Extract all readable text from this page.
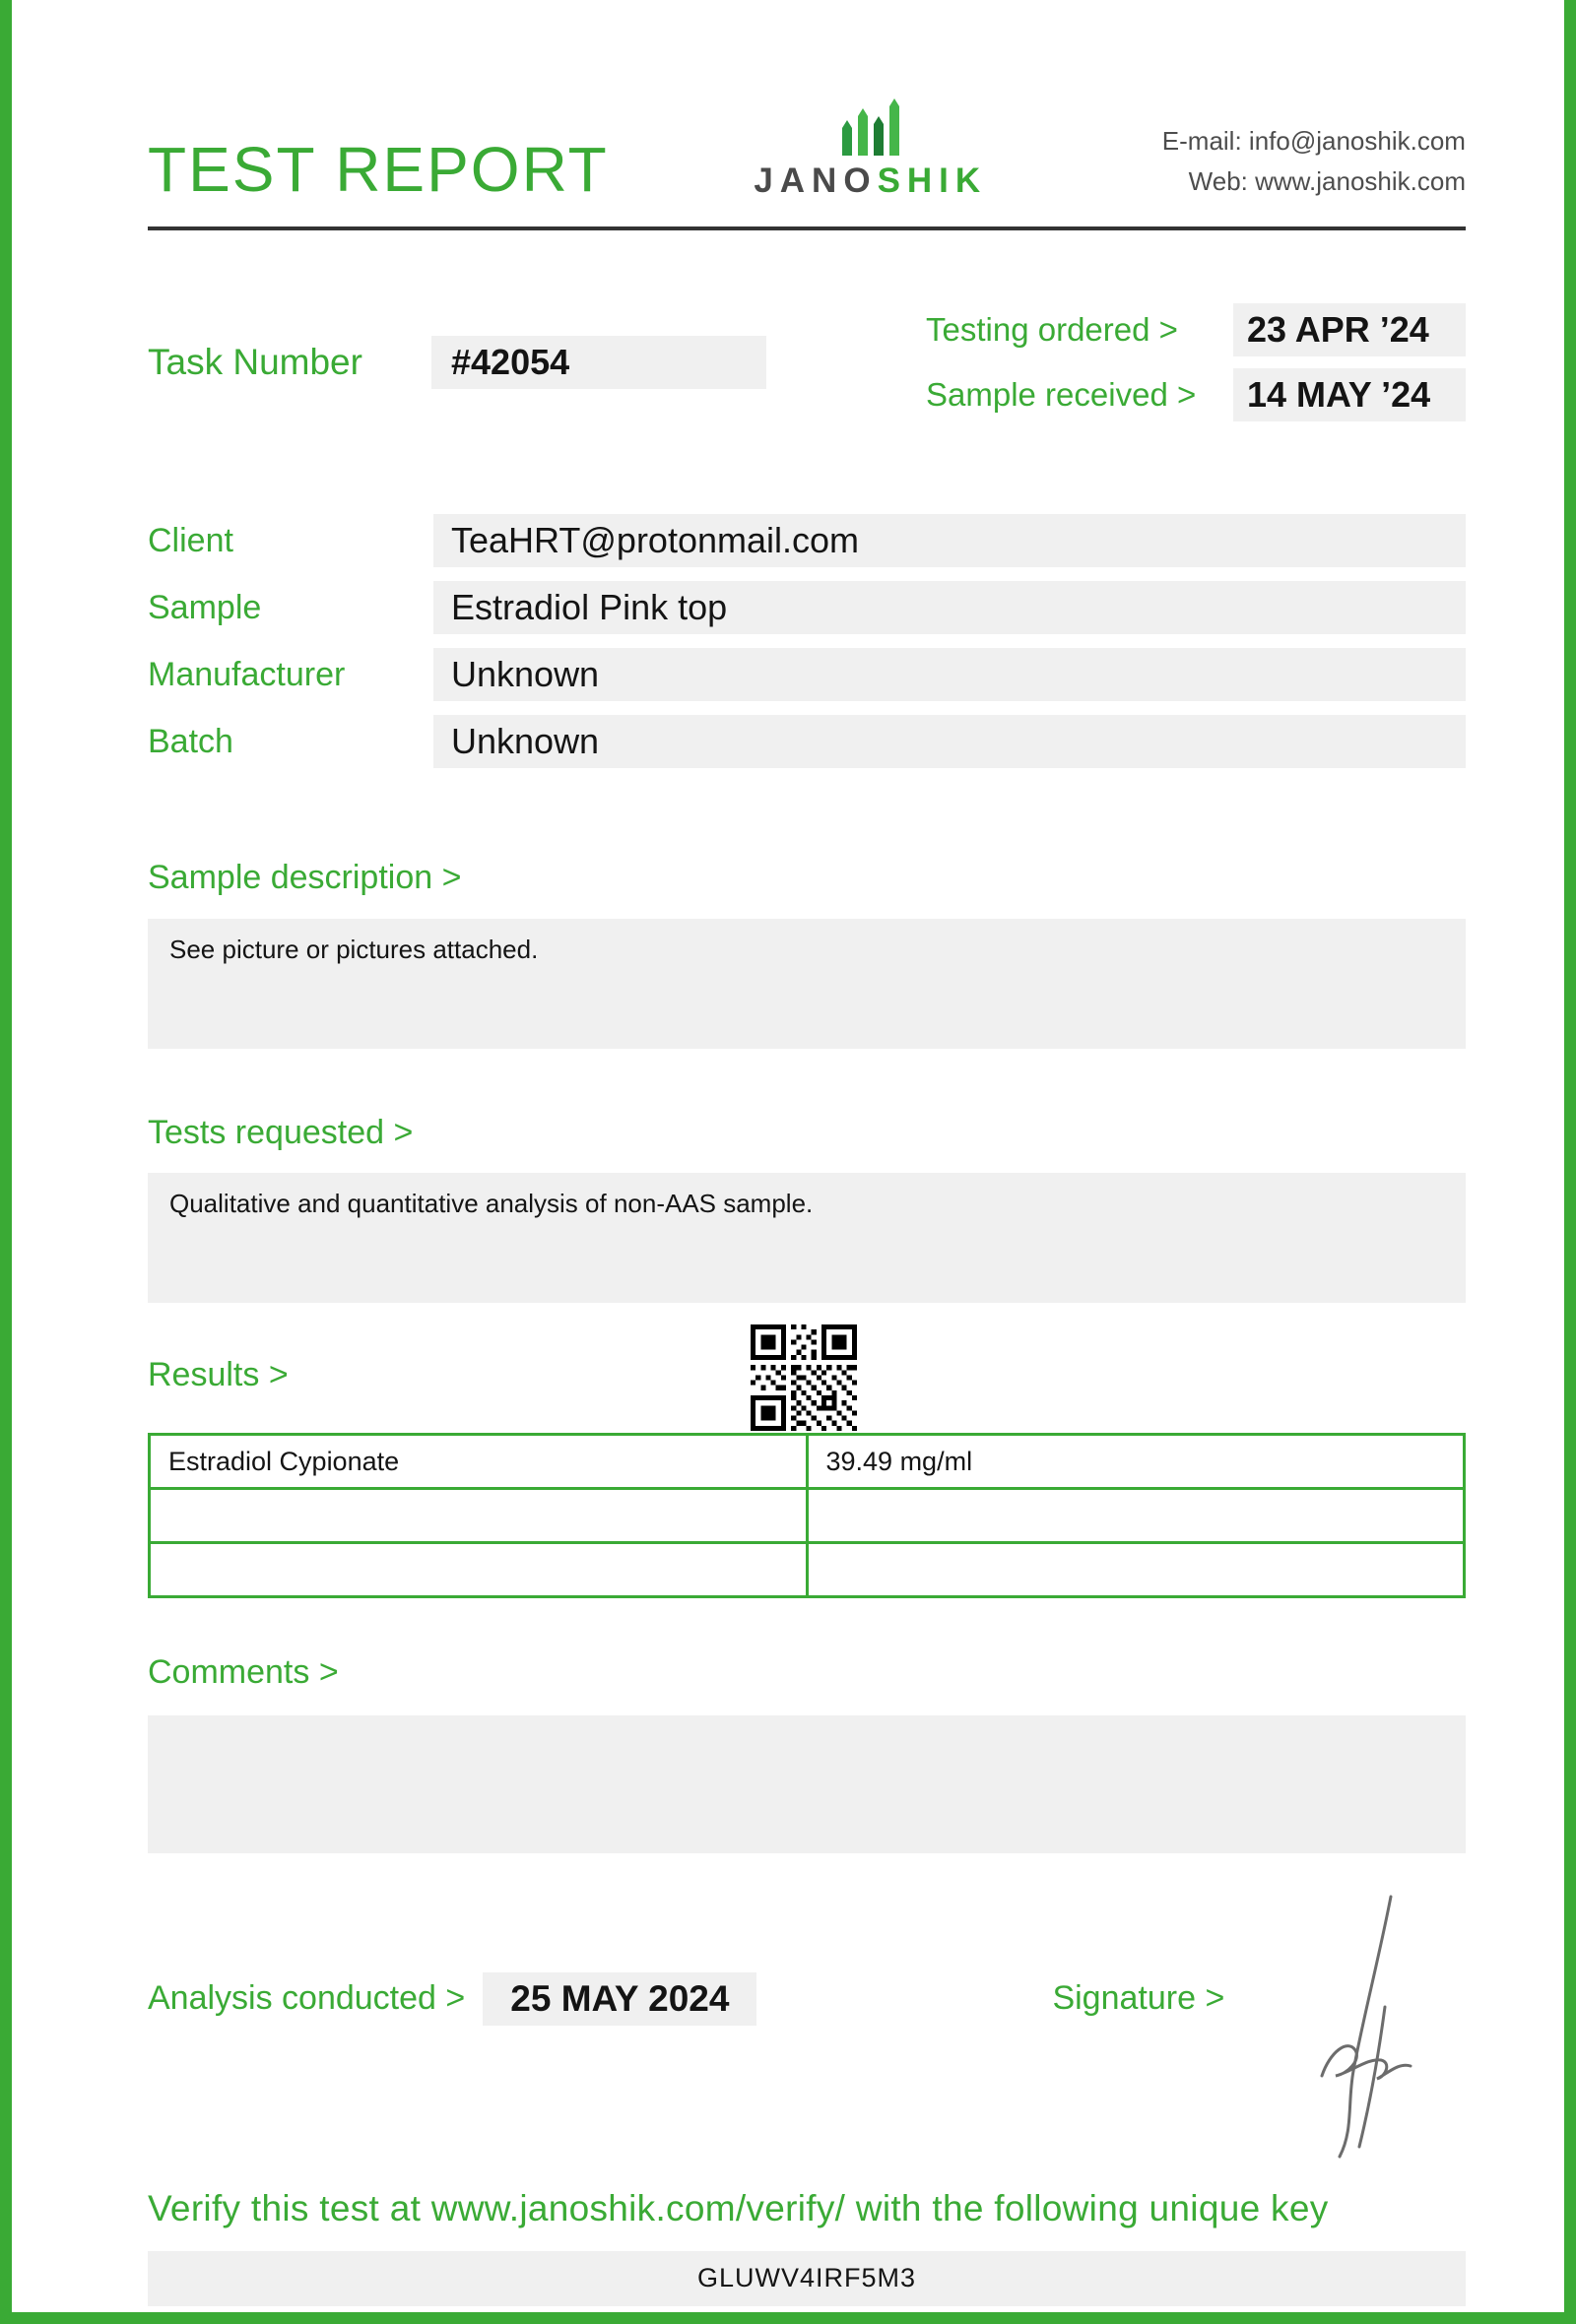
TEST REPORT	JANOSHIK
E-mail: info@janoshik.com
Web: www.janoshik.com
Task Number	#42054
Testing ordered >	23 APR ’24
Sample received >	14 MAY ’24
Client	TeaHRT@protonmail.com
Sample	Estradiol Pink top
Manufacturer	Unknown
Batch	Unknown
Sample description >
See picture or pictures attached.
Tests requested >
Qualitative and quantitative analysis of non-AAS sample.
Results >
Estradiol Cypionate	39.49 mg/ml

Comments >
Analysis conducted >	25 MAY 2024	Signature >
Verify this test at www.janoshik.com/verify/ with the following unique key
GLUWV4IRF5M3
